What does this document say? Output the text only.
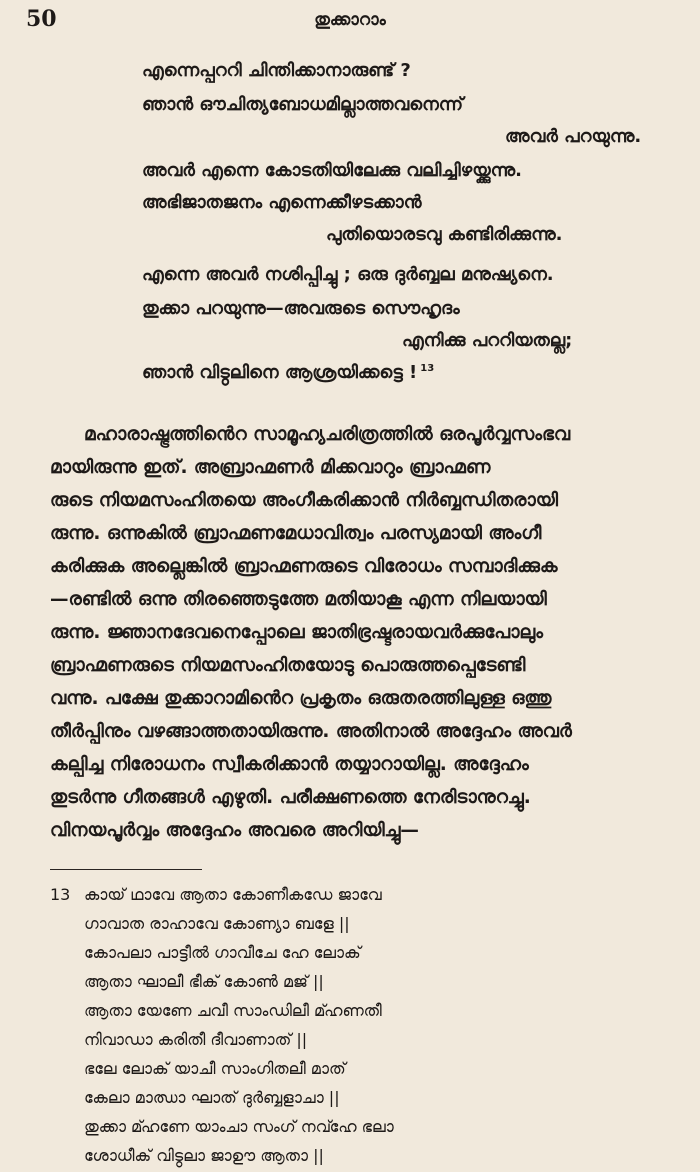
50	തുക്കാറാം
എന്നെപ്പററി ചിന്തിക്കാനാരുണ്ട് ?
ഞാൻ ഔചിത്യബോധമില്ലാത്തവനെന്ന്
അവർ പറയുന്നു.
അവർ എന്നെ കോടതിയിലേക്കു വലിച്ചിഴയ്ക്കുന്നു.
അഭിജാതജനം എന്നെക്കീഴടക്കാൻ
പുതിയൊരടവു കണ്ടിരിക്കുന്നു.
എന്നെ അവർ നശിപ്പിച്ചു ; ഒരു ദുർബ്ബല മനുഷ്യനെ.
തുക്കാ പറയുന്നു—അവരുടെ സൌഹൃദം
എനിക്കു പററിയതല്ല;
ഞാൻ വിട്ഠലിനെ ആശ്രയിക്കട്ടെ ! $^{13}$
മഹാരാഷ്ട്രത്തിൻെറ സാമൂഹ്യചരിത്രത്തിൽ ഒരപൂർവ്വസംഭവ
മായിരുന്നു ഇത്. അബ്രാഹ്മണർ മിക്കവാറും ബ്രാഹ്മണ
രുടെ നിയമസംഹിതയെ അംഗീകരിക്കാൻ നിർബ്ബന്ധിതരായി
രുന്നു. ഒന്നുകിൽ ബ്രാഹ്മണമേധാവിത്വം പരസ്യമായി അംഗീ
കരിക്കുക അല്ലെങ്കിൽ ബ്രാഹ്മണരുടെ വിരോധം സമ്പാദിക്കുക
—രണ്ടിൽ ഒന്നു തിരഞ്ഞെടുത്തേ മതിയാകൂ എന്ന നിലയായി
രുന്നു. ജ്ഞാനദേവനെപ്പോലെ ജാതിഭ്രഷ്ടരായവർക്കുപോലും
ബ്രാഹ്മണരുടെ നിയമസംഹിതയോടു പൊരുത്തപ്പെടേണ്ടി
വന്നു. പക്ഷേ തുക്കാറാമിൻെറ പ്രകൃതം ഒരുതരത്തിലുള്ള ഒത്തു
തീർപ്പിനും വഴങ്ങാത്തതായിരുന്നു. അതിനാൽ അദ്ദേഹം അവർ
കല്പിച്ച നിരോധനം സ്വീകരിക്കാൻ തയ്യാറായില്ല. അദ്ദേഹം
തുടർന്നു ഗീതങ്ങൾ എഴുതി. പരീക്ഷണത്തെ നേരിടാനുറച്ചു.
വിനയപൂർവ്വം അദ്ദേഹം അവരെ അറിയിച്ചു—
13 കായ് ഥാവേ ആതാ കോണീകഡേ ജാവേ
ഗാവാത രാഹാവേ കോണ്യാ ബളേ ||
കോപലാ പാട്ടീൽ ഗാവീചേ ഹേ ലോക്
ആതാ ഘാലീ ഭീക് കോൺ മജ് ||
ആതാ യേണേ ചവീ സാംഡിലീ മ്ഹണതീ
നിവാഡാ കരിതീ ദീവാണാത് ||
ഭലേ ലോക് യാചീ സാംഗിതലീ മാത്
കേലാ മാഝാ ഘാത് ദുർബ്ബളാചാ ||
തുക്കാ മ്ഹണേ യാംചാ സംഗ് നവ്ഹേ ഭലാ
ശോധീക് വിട്ഠലാ ജാഊ ആതാ ||
